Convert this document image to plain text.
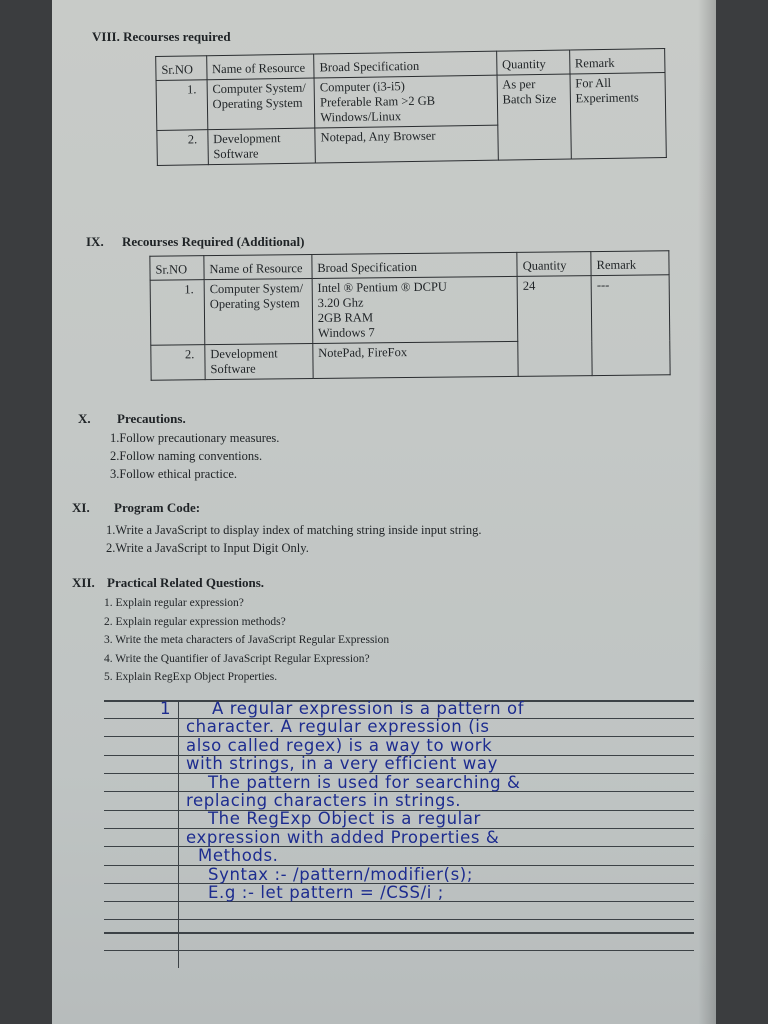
VIII. Recourses required
Sr.NO	Name of Resource	Broad Specification	Quantity	Remark
1.	Computer System/ Operating System	Computer (i3-i5)
Preferable Ram >2 GB
Windows/Linux	As per Batch Size	For All Experiments
2.	Development Software	Notepad, Any Browser		
IX. Recourses Required (Additional)
Sr.NO	Name of Resource	Broad Specification	Quantity	Remark
1.	Computer System/ Operating System	Intel ® Pentium ® DCPU
3.20 Ghz
2GB RAM
Windows 7	24	---
2.	Development Software	NotePad, FireFox		
X. Precautions.
1.Follow precautionary measures.
2.Follow naming conventions.
3.Follow ethical practice.
XI. Program Code:
1.Write a JavaScript to display index of matching string inside input string.
2.Write a JavaScript to Input Digit Only.
XII. Practical Related Questions.
1. Explain regular expression?
2. Explain regular expression methods?
3. Write the meta characters of JavaScript Regular Expression
4. Write the Quantifier of JavaScript Regular Expression?
5. Explain RegExp Object Properties.
1 A regular expression is a pattern of
character. A regular expression (is
also called regex) is a way to work
with strings, in a very efficient way
The pattern is used for searching &
replacing characters in strings.
The RegExp Object is a regular
expression with added Properties &
Methods.
Syntax :- /pattern/modifier(s);
E.g :- let pattern = /CSS/i ;
